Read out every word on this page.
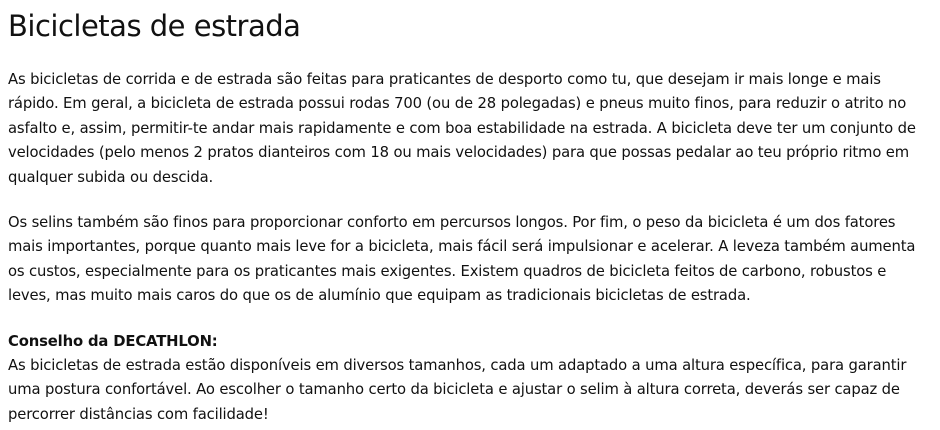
Bicicletas de estrada

As bicicletas de corrida e de estrada são feitas para praticantes de desporto como tu, que desejam ir mais longe e mais rápido. Em geral, a bicicleta de estrada possui rodas 700 (ou de 28 polegadas) e pneus muito finos, para reduzir o atrito no asfalto e, assim, permitir-te andar mais rapidamente e com boa estabilidade na estrada. A bicicleta deve ter um conjunto de velocidades (pelo menos 2 pratos dianteiros com 18 ou mais velocidades) para que possas pedalar ao teu próprio ritmo em qualquer subida ou descida.

Os selins também são finos para proporcionar conforto em percursos longos. Por fim, o peso da bicicleta é um dos fatores mais importantes, porque quanto mais leve for a bicicleta, mais fácil será impulsionar e acelerar. A leveza também aumenta os custos, especialmente para os praticantes mais exigentes. Existem quadros de bicicleta feitos de carbono, robustos e leves, mas muito mais caros do que os de alumínio que equipam as tradicionais bicicletas de estrada.

Conselho da DECATHLON:
As bicicletas de estrada estão disponíveis em diversos tamanhos, cada um adaptado a uma altura específica, para garantir uma postura confortável. Ao escolher o tamanho certo da bicicleta e ajustar o selim à altura correta, deverás ser capaz de percorrer distâncias com facilidade!
